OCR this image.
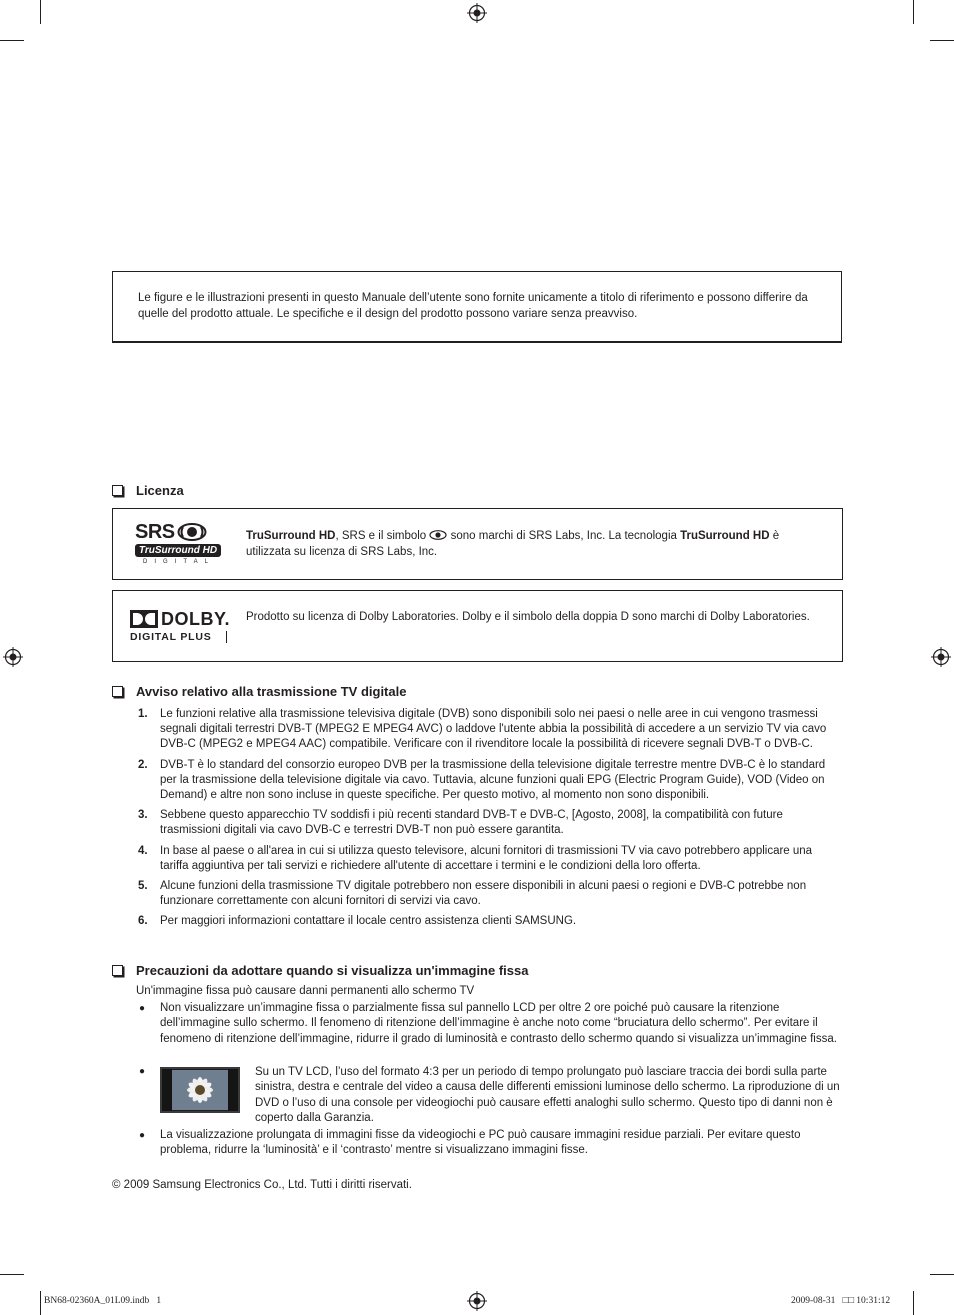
Le figure e le illustrazioni presenti in questo Manuale dell’utente sono fornite unicamente a titolo di riferimento e possono differire da quelle del prodotto attuale. Le specifiche e il design del prodotto possono variare senza preavviso.
Licenza
SRS
TruSurround HD
DIGITAL
TruSurround HD, SRS e il simbolo  sono marchi di SRS Labs, Inc. La tecnologia TruSurround HD è utilizzata su licenza di SRS Labs, Inc.
DOLBY.
DIGITAL PLUS
Prodotto su licenza di Dolby Laboratories. Dolby e il simbolo della doppia D sono marchi di Dolby Laboratories.
Avviso relativo alla trasmissione TV digitale
1.	Le funzioni relative alla trasmissione televisiva digitale (DVB) sono disponibili solo nei paesi o nelle aree in cui vengono trasmessi segnali digitali terrestri DVB-T (MPEG2 E MPEG4 AVC) o laddove l'utente abbia la possibilità di accedere a un servizio TV via cavo DVB-C (MPEG2 e MPEG4 AAC) compatibile. Verificare con il rivenditore locale la possibilità di ricevere segnali DVB-T o DVB-C.
2.	DVB-T è lo standard del consorzio europeo DVB per la trasmissione della televisione digitale terrestre mentre DVB-C è lo standard per la trasmissione della televisione digitale via cavo. Tuttavia, alcune funzioni quali EPG (Electric Program Guide), VOD (Video on Demand) e altre non sono incluse in queste specifiche. Per questo motivo, al momento non sono disponibili.
3.	Sebbene questo apparecchio TV soddisfi i più recenti standard DVB-T e DVB-C, [Agosto, 2008], la compatibilità con future trasmissioni digitali via cavo DVB-C e terrestri DVB-T non può essere garantita.
4.	In base al paese o all'area in cui si utilizza questo televisore, alcuni fornitori di trasmissioni TV via cavo potrebbero applicare una tariffa aggiuntiva per tali servizi e richiedere all'utente di accettare i termini e le condizioni della loro offerta.
5.	Alcune funzioni della trasmissione TV digitale potrebbero non essere disponibili in alcuni paesi o regioni e DVB-C potrebbe non funzionare correttamente con alcuni fornitori di servizi via cavo.
6.	Per maggiori informazioni contattare il locale centro assistenza clienti SAMSUNG.
Precauzioni da adottare quando si visualizza un'immagine fissa
Un'immagine fissa può causare danni permanenti allo schermo TV
● Non visualizzare un’immagine fissa o parzialmente fissa sul pannello LCD per oltre 2 ore poiché può causare la ritenzione dell’immagine sullo schermo. Il fenomeno di ritenzione dell’immagine è anche noto come “bruciatura dello schermo”. Per evitare il fenomeno di ritenzione dell’immagine, ridurre il grado di luminosità e contrasto dello schermo quando si visualizza un’immagine fissa.
●	Su un TV LCD, l’uso del formato 4:3 per un periodo di tempo prolungato può lasciare traccia dei bordi sulla parte sinistra, destra e centrale del video a causa delle differenti emissioni luminose dello schermo. La riproduzione di un DVD o l’uso di una console per videogiochi può causare effetti analoghi sullo schermo. Questo tipo di danni non è coperto dalla Garanzia.
● La visualizzazione prolungata di immagini fisse da videogiochi e PC può causare immagini residue parziali. Per evitare questo problema, ridurre la ‘luminosità’ e il ‘contrasto’ mentre si visualizzano immagini fisse.
© 2009 Samsung Electronics Co., Ltd. Tutti i diritti riservati.
BN68-02360A_01L09.indb   1	2009-08-31   □□ 10:31:12
